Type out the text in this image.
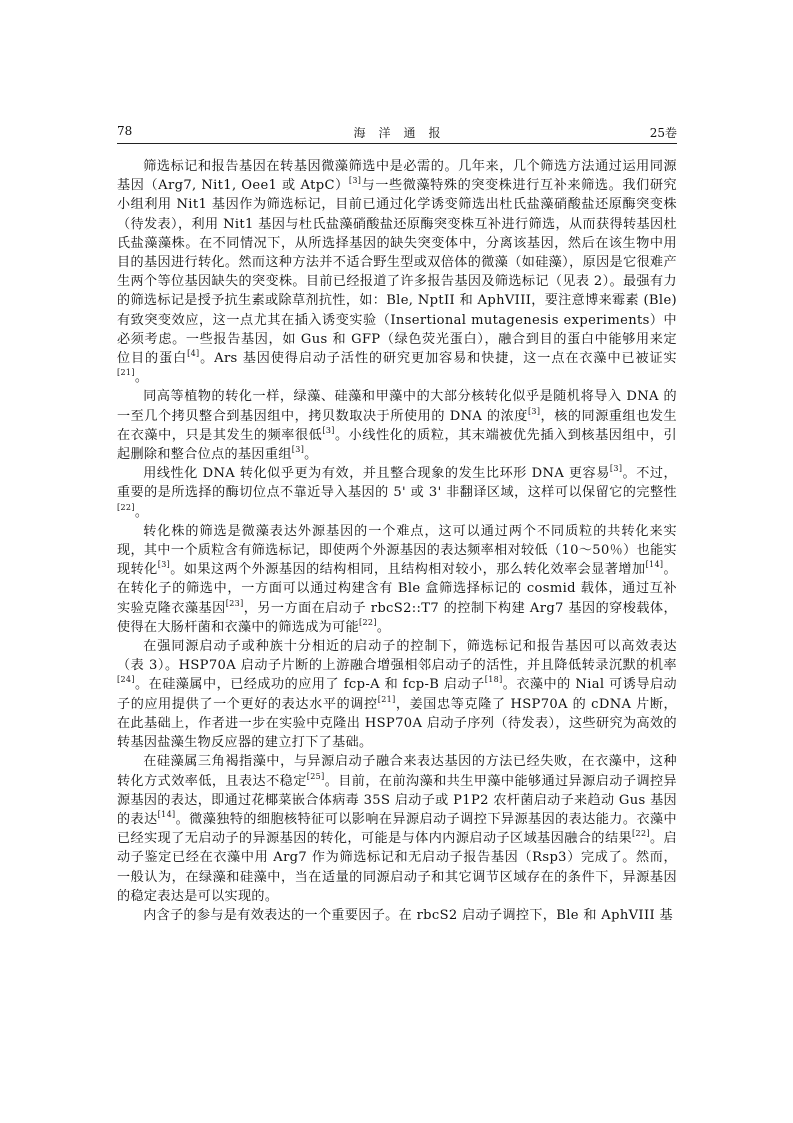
78	海洋通报	25卷

筛选标记和报告基因在转基因微藻筛选中是必需的。几年来，几个筛选方法通过运用同源基因（Arg7, Nit1, Oee1 或 AtpC）[3]与一些微藻特殊的突变株进行互补来筛选。我们研究小组利用 Nit1 基因作为筛选标记，目前已通过化学诱变筛选出杜氏盐藻硝酸盐还原酶突变株（待发表），利用 Nit1 基因与杜氏盐藻硝酸盐还原酶突变株互补进行筛选，从而获得转基因杜氏盐藻藻株。在不同情况下，从所选择基因的缺失突变体中，分离该基因，然后在该生物中用目的基因进行转化。然而这种方法并不适合野生型或双倍体的微藻（如硅藻），原因是它很难产生两个等位基因缺失的突变株。目前已经报道了许多报告基因及筛选标记（见表 2）。最强有力的筛选标记是授予抗生素或除草剂抗性，如：Ble, NptII 和 AphVIII，要注意博来霉素 (Ble) 有致突变效应，这一点尤其在插入诱变实验（Insertional mutagenesis experiments）中必须考虑。一些报告基因，如 Gus 和 GFP（绿色荧光蛋白），融合到目的蛋白中能够用来定位目的蛋白[4]。Ars 基因使得启动子活性的研究更加容易和快捷，这一点在衣藻中已被证实[21]。

同高等植物的转化一样，绿藻、硅藻和甲藻中的大部分核转化似乎是随机将导入 DNA 的一至几个拷贝整合到基因组中，拷贝数取决于所使用的 DNA 的浓度[3]，核的同源重组也发生在衣藻中，只是其发生的频率很低[3]。小线性化的质粒，其末端被优先插入到核基因组中，引起删除和整合位点的基因重组[3]。

用线性化 DNA 转化似乎更为有效，并且整合现象的发生比环形 DNA 更容易[3]。不过，重要的是所选择的酶切位点不靠近导入基因的 5' 或 3' 非翻译区域，这样可以保留它的完整性[22]。

转化株的筛选是微藻表达外源基因的一个难点，这可以通过两个不同质粒的共转化来实现，其中一个质粒含有筛选标记，即使两个外源基因的表达频率相对较低（10～50％）也能实现转化[3]。如果这两个外源基因的结构相同，且结构相对较小，那么转化效率会显著增加[14]。在转化子的筛选中，一方面可以通过构建含有 Ble 盒筛选择标记的 cosmid 载体，通过互补实验克隆衣藻基因[23]，另一方面在启动子 rbcS2::T7 的控制下构建 Arg7 基因的穿梭载体，使得在大肠杆菌和衣藻中的筛选成为可能[22]。

在强同源启动子或种族十分相近的启动子的控制下，筛选标记和报告基因可以高效表达（表 3）。HSP70A 启动子片断的上游融合增强相邻启动子的活性，并且降低转录沉默的机率[24]。在硅藻属中，已经成功的应用了 fcp-A 和 fcp-B 启动子[18]。衣藻中的 Nial 可诱导启动子的应用提供了一个更好的表达水平的调控[21]，姜国忠等克隆了 HSP70A 的 cDNA 片断，在此基础上，作者进一步在实验中克隆出 HSP70A 启动子序列（待发表），这些研究为高效的转基因盐藻生物反应器的建立打下了基础。

在硅藻属三角褐指藻中，与异源启动子融合来表达基因的方法已经失败，在衣藻中，这种转化方式效率低，且表达不稳定[25]。目前，在前沟藻和共生甲藻中能够通过异源启动子调控异源基因的表达，即通过花椰菜嵌合体病毒 35S 启动子或 P1P2 农杆菌启动子来趋动 Gus 基因的表达[14]。微藻独特的细胞核特征可以影响在异源启动子调控下异源基因的表达能力。衣藻中已经实现了无启动子的异源基因的转化，可能是与体内内源启动子区域基因融合的结果[22]。启动子鉴定已经在衣藻中用 Arg7 作为筛选标记和无启动子报告基因（Rsp3）完成了。然而，一般认为，在绿藻和硅藻中，当在适量的同源启动子和其它调节区域存在的条件下，异源基因的稳定表达是可以实现的。

内含子的参与是有效表达的一个重要因子。在 rbcS2 启动子调控下，Ble 和 AphVIII 基
